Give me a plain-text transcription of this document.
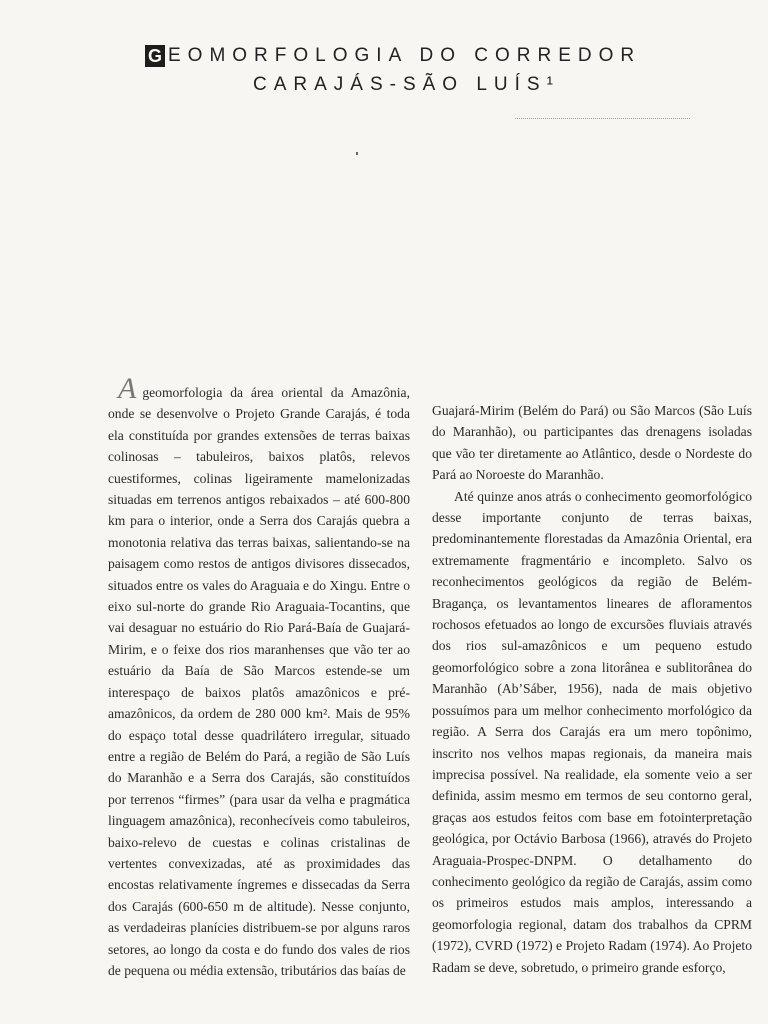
G EOMORFOLOGIA DO CORREDOR
CARAJÁS-SÃO LUÍS¹

Ageomorfologia da área oriental da Amazônia, onde se desenvolve o Projeto Grande Carajás, é toda ela constituída por grandes extensões de terras baixas colinosas – tabuleiros, baixos platôs, relevos cuestiformes, colinas ligeiramente mamelonizadas situadas em terrenos antigos rebaixados – até 600-800 km para o interior, onde a Serra dos Carajás quebra a monotonia relativa das terras baixas, salientando-se na paisagem como restos de antigos divisores dissecados, situados entre os vales do Araguaia e do Xingu. Entre o eixo sul-norte do grande Rio Araguaia-Tocantins, que vai desaguar no estuário do Rio Pará-Baía de Guajará-Mirim, e o feixe dos rios maranhenses que vão ter ao estuário da Baía de São Marcos estende-se um interespaço de baixos platôs amazônicos e pré-amazônicos, da ordem de 280 000 km². Mais de 95% do espaço total desse quadrilátero irregular, situado entre a região de Belém do Pará, a região de São Luís do Maranhão e a Serra dos Carajás, são constituídos por terrenos “firmes” (para usar da velha e pragmática linguagem amazônica), reconhecíveis como tabuleiros, baixo-relevo de cuestas e colinas cristalinas de vertentes convexizadas, até as proximidades das encostas relativamente íngremes e dissecadas da Serra dos Carajás (600-650 m de altitude). Nesse conjunto, as verdadeiras planícies distribuem-se por alguns raros setores, ao longo da costa e do fundo dos vales de rios de pequena ou média extensão, tributários das baías de

Guajará-Mirim (Belém do Pará) ou São Marcos (São Luís do Maranhão), ou participantes das drenagens isoladas que vão ter diretamente ao Atlântico, desde o Nordeste do Pará ao Noroeste do Maranhão.

Até quinze anos atrás o conhecimento geomorfológico desse importante conjunto de terras baixas, predominantemente florestadas da Amazônia Oriental, era extremamente fragmentário e incompleto. Salvo os reconhecimentos geológicos da região de Belém-Bragança, os levantamentos lineares de afloramentos rochosos efetuados ao longo de excursões fluviais através dos rios sul-amazônicos e um pequeno estudo geomorfológico sobre a zona litorânea e sublitorânea do Maranhão (Ab’Sáber, 1956), nada de mais objetivo possuímos para um melhor conhecimento morfológico da região. A Serra dos Carajás era um mero topônimo, inscrito nos velhos mapas regionais, da maneira mais imprecisa possível. Na realidade, ela somente veio a ser definida, assim mesmo em termos de seu contorno geral, graças aos estudos feitos com base em fotointerpretação geológica, por Octávio Barbosa (1966), através do Projeto Araguaia-Prospec-DNPM. O detalhamento do conhecimento geológico da região de Carajás, assim como os primeiros estudos mais amplos, interessando a geomorfologia regional, datam dos trabalhos da CPRM (1972), CVRD (1972) e Projeto Radam (1974). Ao Projeto Radam se deve, sobretudo, o primeiro grande esforço,
